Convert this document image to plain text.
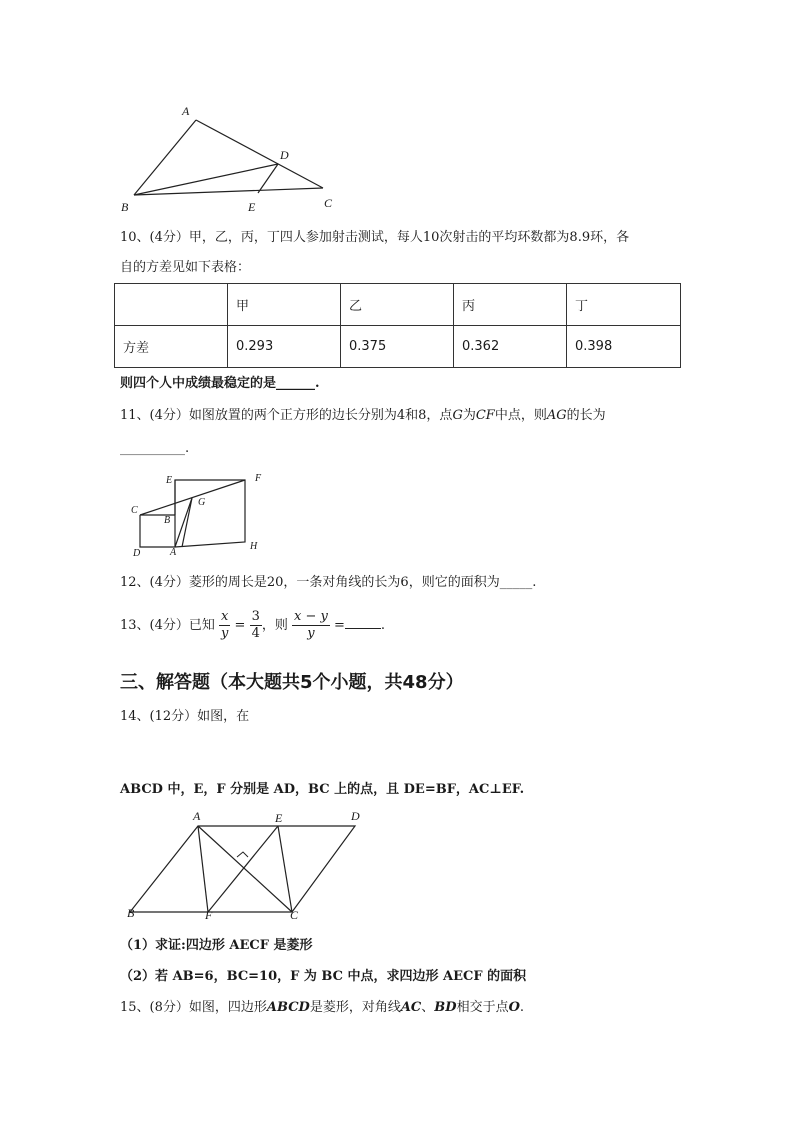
A
D
B	E	C
10、(4分）甲，乙，丙，丁四人参加射击测试，每人10次射击的平均环数都为8.9环，各
自的方差见如下表格：
	甲	乙	丙	丁
方差	0.293	0.375	0.362	0.398
则四个人中成绩最稳定的是______.
11、(4分）如图放置的两个正方形的边长分别为4和8，点G为CF中点，则AG的长为
__________.
E	F
C
G
B
D	A
H
12、(4分）菱形的周长是20，一条对角线的长为6，则它的面积为_____.
13、(4分）已知 $\frac{x}{y} = \frac{3}{4}$ ，则 $\frac{x - y}{y}$ =	.
三、解答题（本大题共5个小题，共48分）
14、(12分）如图，在
ABCD 中，E，F 分别是 AD，BC 上的点，且 DE=BF，AC⊥EF.
A	E	D
B	F	C
（1）求证:四边形 AECF 是菱形
（2）若 AB=6，BC=10，F 为 BC 中点，求四边形 AECF 的面积
15、(8分）如图，四边形ABCD是菱形，对角线AC、BD相交于点O.
